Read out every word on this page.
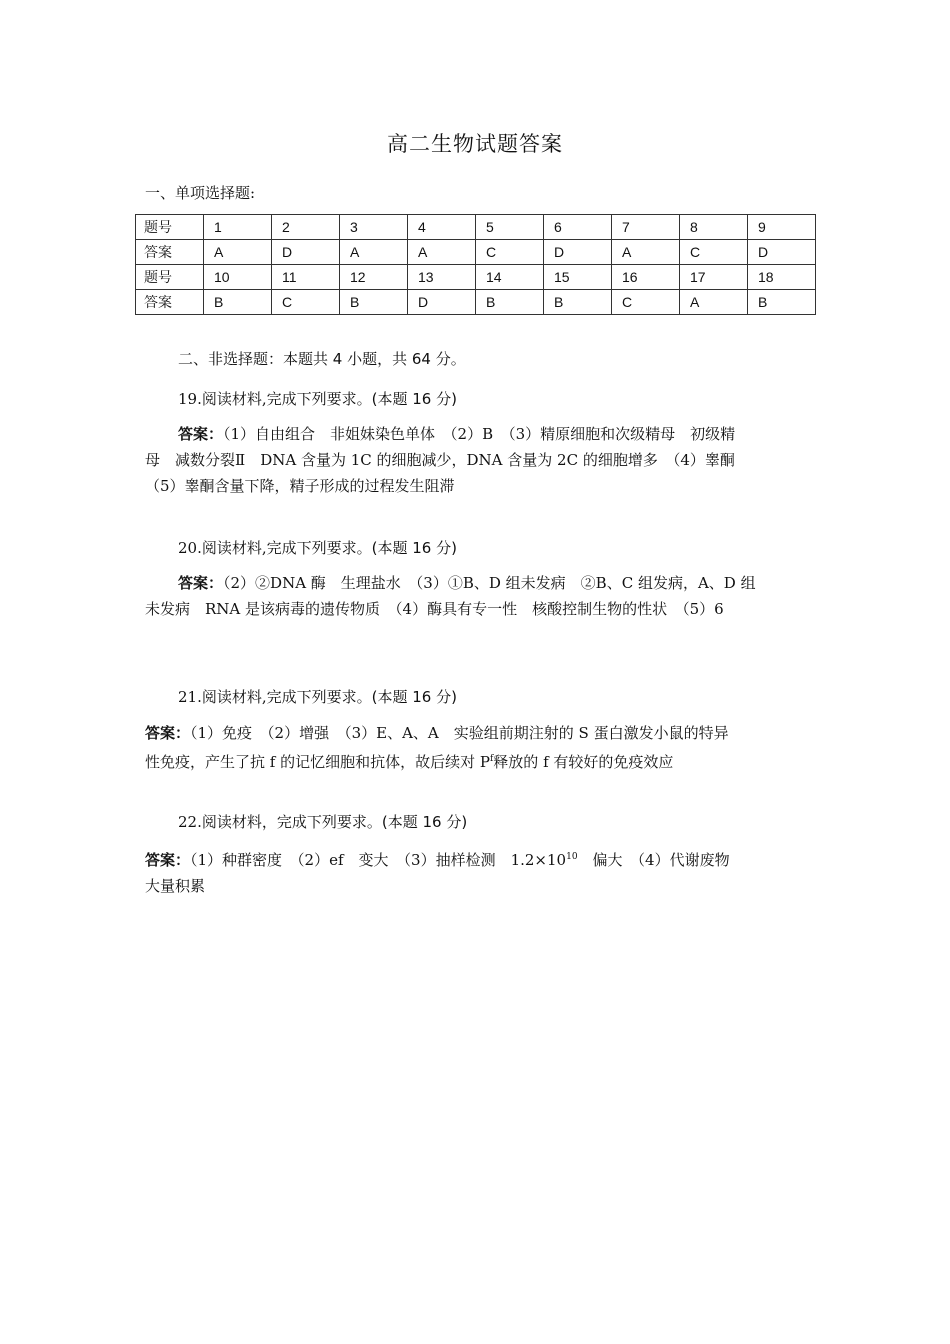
高二生物试题答案
一、单项选择题:
题号	1	2	3	4	5	6	7	8	9
答案	A	D	A	A	C	D	A	C	D
题号	10	11	12	13	14	15	16	17	18
答案	B	C	B	D	B	B	C	A	B
二、非选择题：本题共 4 小题，共 64 分。
19.阅读材料,完成下列要求。(本题 16 分)
答案：（1）自由组合　非姐妹染色单体　（2）B　（3）精原细胞和次级精母　初级精
母　减数分裂Ⅱ　DNA 含量为 1C 的细胞减少，DNA 含量为 2C 的细胞增多　（4）睾酮
（5）睾酮含量下降，精子形成的过程发生阻滞
20.阅读材料,完成下列要求。(本题 16 分)
答案：（2）②DNA 酶　生理盐水　（3）①B、D 组未发病　②B、C 组发病，A、D 组
未发病　RNA 是该病毒的遗传物质　（4）酶具有专一性　核酸控制生物的性状　（5）6
21.阅读材料,完成下列要求。(本题 16 分)
答案：（1）免疫　（2）增强　（3）E、A、A　实验组前期注射的 S 蛋白激发小鼠的特异
性免疫，产生了抗 f 的记忆细胞和抗体，故后续对 $P^f$释放的 f 有较好的免疫效应
22.阅读材料，完成下列要求。(本题 16 分)
答案：（1）种群密度　（2）ef　变大　（3）抽样检测　$1.2\times 10^{10}$　偏大　（4）代谢废物
大量积累
